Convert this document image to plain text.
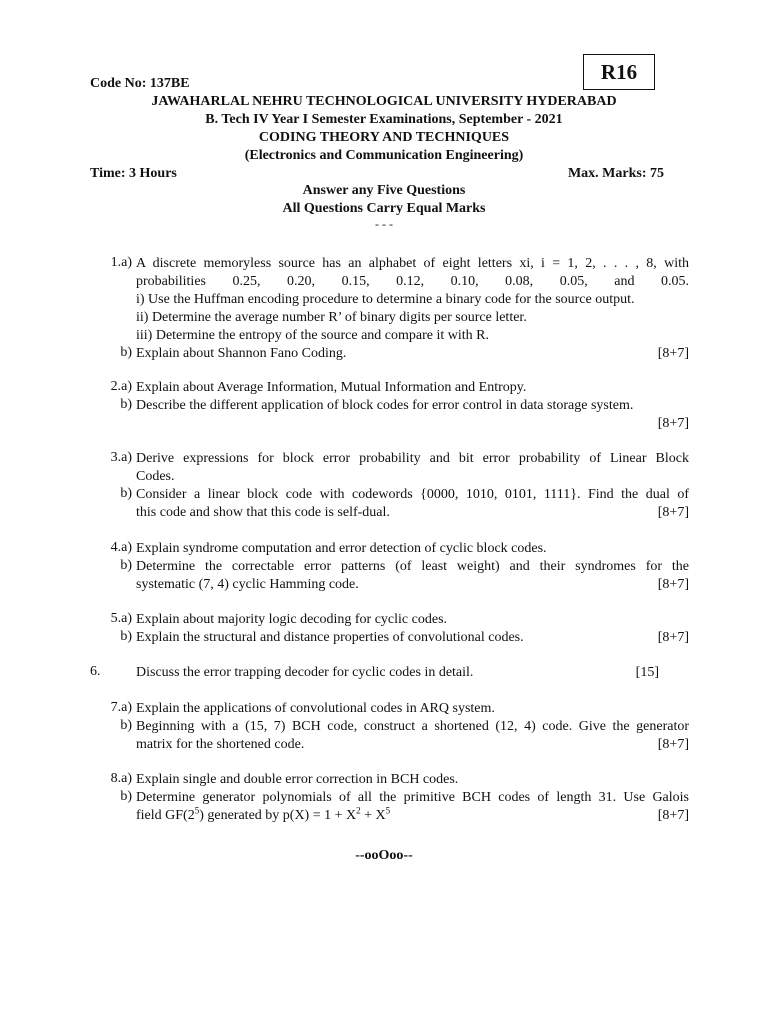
Code No: 137BE	R16
JAWAHARLAL NEHRU TECHNOLOGICAL UNIVERSITY HYDERABAD
B. Tech IV Year I Semester Examinations, September - 2021
CODING THEORY AND TECHNIQUES
(Electronics and Communication Engineering)
Time: 3 Hours	Max. Marks: 75
Answer any Five Questions
All Questions Carry Equal Marks
- - -
1.a) A discrete memoryless source has an alphabet of eight letters xi, i = 1, 2, . . . , 8, with
probabilities 0.25, 0.20, 0.15, 0.12, 0.10, 0.08, 0.05, and 0.05.
i) Use the Huffman encoding procedure to determine a binary code for the source output.
ii) Determine the average number R’ of binary digits per source letter.
iii) Determine the entropy of the source and compare it with R.
Explain about Shannon Fano Coding.	[8+7]
b)
2.a) Explain about Average Information, Mutual Information and Entropy.
Describe the different application of block codes for error control in data storage system.
[8+7]
b)
3.a) Derive expressions for block error probability and bit error probability of Linear Block
Codes.
Consider a linear block code with codewords {0000, 1010, 0101, 1111}. Find the dual of
this code and show that this code is self-dual.	[8+7]
b)
4.a) Explain syndrome computation and error detection of cyclic block codes.
Determine the correctable error patterns (of least weight) and their syndromes for the
systematic (7, 4) cyclic Hamming code.	[8+7]
b)
5.a) Explain about majority logic decoding for cyclic codes.
Explain the structural and distance properties of convolutional codes.	[8+7]
b)
6.	Discuss the error trapping decoder for cyclic codes in detail.	[15]
7.a) Explain the applications of convolutional codes in ARQ system.
Beginning with a (15, 7) BCH code, construct a shortened (12, 4) code. Give the generator
matrix for the shortened code.	[8+7]
b)
8.a) Explain single and double error correction in BCH codes.
Determine generator polynomials of all the primitive BCH codes of length 31. Use Galois
field $GF(2^5)$ generated by $p(X) = 1 + X^2 + X^5$	[8+7]
b)
--ooOoo--
